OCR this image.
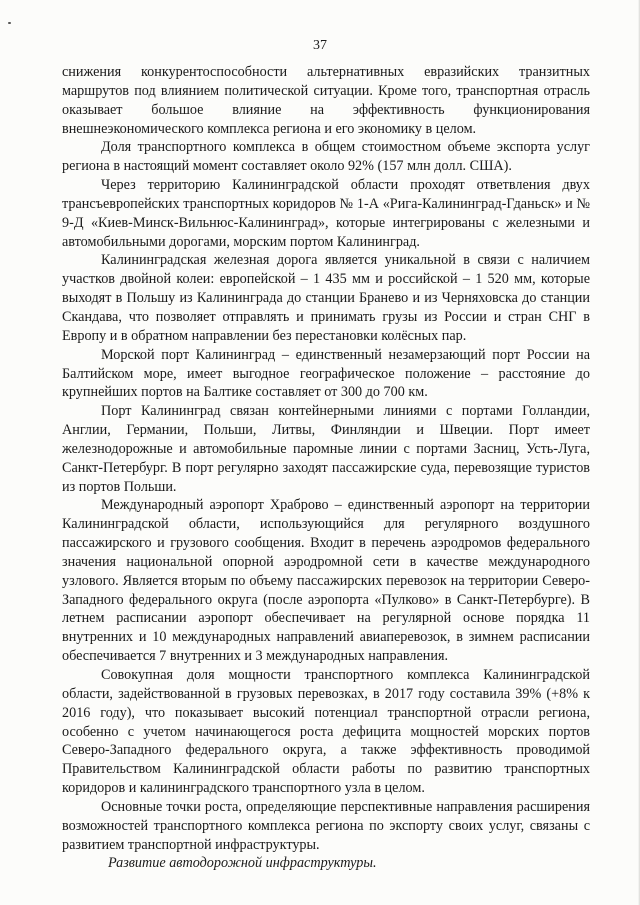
37

снижения конкурентоспособности альтернативных евразийских транзитных маршрутов под влиянием политической ситуации. Кроме того, транспортная отрасль оказывает большое влияние на эффективность функционирования внешнеэкономического комплекса региона и его экономику в целом.

Доля транспортного комплекса в общем стоимостном объеме экспорта услуг региона в настоящий момент составляет около 92% (157 млн долл. США).

Через территорию Калининградской области проходят ответвления двух трансъевропейских транспортных коридоров № 1-А «Рига-Калининград-Гданьск» и № 9-Д «Киев-Минск-Вильнюс-Калининград», которые интегрированы с железными и автомобильными дорогами, морским портом Калининград.

Калининградская железная дорога является уникальной в связи с наличием участков двойной колеи: европейской – 1 435 мм и российской – 1 520 мм, которые выходят в Польшу из Калининграда до станции Браневo и из Черняховска до станции Скандава, что позволяет отправлять и принимать грузы из России и стран СНГ в Европу и в обратном направлении без перестановки колёсных пар.

Морской порт Калининград – единственный незамерзающий порт России на Балтийском море, имеет выгодное географическое положение – расстояние до крупнейших портов на Балтике составляет от 300 до 700 км.

Порт Калининград связан контейнерными линиями с портами Голландии, Англии, Германии, Польши, Литвы, Финляндии и Швеции. Порт имеет железнодорожные и автомобильные паромные линии с портами Засниц, Усть-Луга, Санкт-Петербург. В порт регулярно заходят пассажирские суда, перевозящие туристов из портов Польши.

Международный аэропорт Храброво – единственный аэропорт на территории Калининградской области, использующийся для регулярного воздушного пассажирского и грузового сообщения. Входит в перечень аэродромов федерального значения национальной опорной аэродромной сети в качестве международного узлового. Является вторым по объему пассажирских перевозок на территории Северо-Западного федерального округа (после аэропорта «Пулково» в Санкт-Петербурге). В летнем расписании аэропорт обеспечивает на регулярной основе порядка 11 внутренних и 10 международных направлений авиаперевозок, в зимнем расписании обеспечивается 7 внутренних и 3 международных направления.

Совокупная доля мощности транспортного комплекса Калининградской области, задействованной в грузовых перевозках, в 2017 году составила 39% (+8% к 2016 году), что показывает высокий потенциал транспортной отрасли региона, особенно с учетом начинающегося роста дефицита мощностей морских портов Северо-Западного федерального округа, а также эффективность проводимой Правительством Калининградской области работы по развитию транспортных коридоров и калининградского транспортного узла в целом.

Основные точки роста, определяющие перспективные направления расширения возможностей транспортного комплекса региона по экспорту своих услуг, связаны с развитием транспортной инфраструктуры.

Развитие автодорожной инфраструктуры.
